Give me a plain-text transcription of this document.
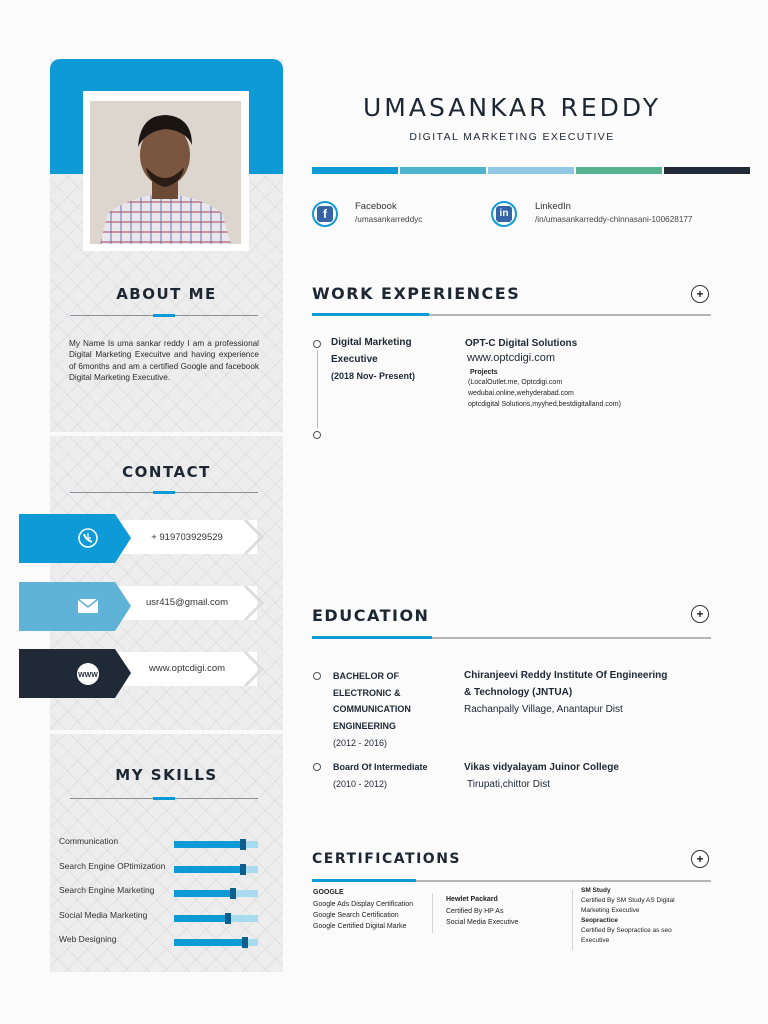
ABOUT ME
My Name Is uma sankar reddy I am a professional Digital Marketing Execuitve and having experience of 6months and am a certified Google and facebook Digital Marketing Executive.
CONTACT
+ 919703929529
usr415@gmail.com
WWW
www.optcdigi.com
MY SKILLS
Communication
Search Engine OPtimization
Search Engine Marketing
Social Media Marketing
Web Designing
UMASANKAR REDDY
DIGITAL MARKETING EXECUTIVE
f
Facebook
/umasankarreddyc
in
LinkedIn
/in/umasankarreddy-chinnasani-100628177
WORK EXPERIENCES	+
Digital Marketing
Executive
(2018 Nov- Present)
OPT-C Digital Solutions
www.optcdigi.com
Projects
(LocalOutlet.me, Optcdigi.com
wedubai.online,wehyderabad.com
optcdigital Solutions,myyhed,bestdigitalland.com)
EDUCATION	+
BACHELOR OF
ELECTRONIC &
COMMUNICATION
ENGINEERING
(2012 - 2016)
Chiranjeevi Reddy Institute Of Engineering
& Technology (JNTUA)
Rachanpally Village, Anantapur Dist
Board Of Intermediate
(2010 - 2012)
Vikas vidyalayam Juinor College
Tirupati,chittor Dist
CERTIFICATIONS	+
GOOGLE
Google Ads Display Certification
Google Search Certification
Google Certified Digital Marke
Hewlet Packard
Certified By HP As
Social Media Executive
SM Study
Certified By SM Study AS Digital
Marketing Executive
Seopractice
Certified By Seopractice as seo
Executive
